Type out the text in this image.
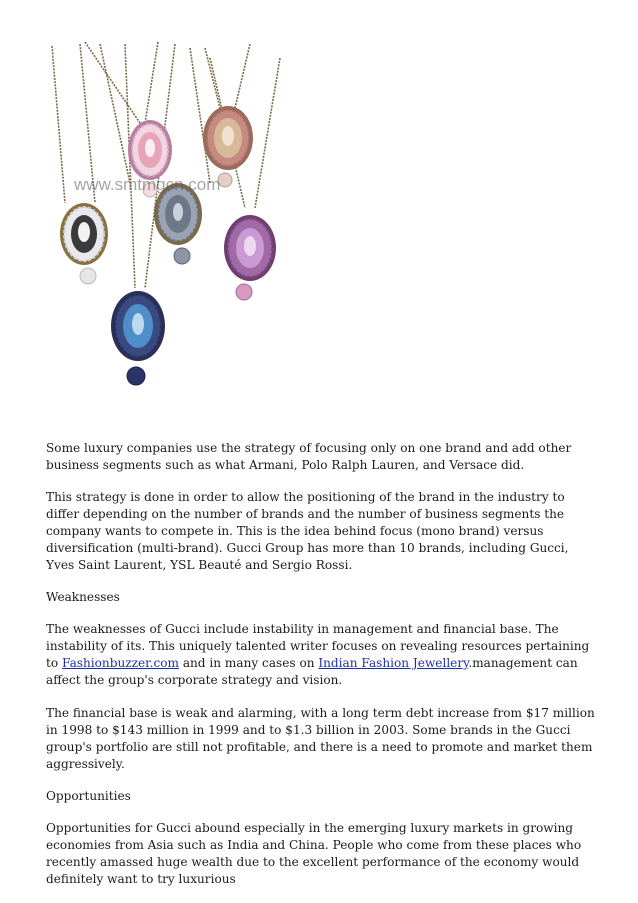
www.smtmgcn.com

Some luxury companies use the strategy of focusing only on one brand and add other business segments such as what Armani, Polo Ralph Lauren, and Versace did.

This strategy is done in order to allow the positioning of the brand in the industry to differ depending on the number of brands and the number of business segments the company wants to compete in. This is the idea behind focus (mono brand) versus diversification (multi-brand). Gucci Group has more than 10 brands, including Gucci, Yves Saint Laurent, YSL Beauté and Sergio Rossi.

Weaknesses

The weaknesses of Gucci include instability in management and financial base. The instability of its. This uniquely talented writer focuses on revealing resources pertaining to Fashionbuzzer.com and in many cases on Indian Fashion Jewellery.management can affect the group's corporate strategy and vision.

The financial base is weak and alarming, with a long term debt increase from $17 million in 1998 to $143 million in 1999 and to $1.3 billion in 2003. Some brands in the Gucci group's portfolio are still not profitable, and there is a need to promote and market them aggressively.

Opportunities

Opportunities for Gucci abound especially in the emerging luxury markets in growing economies from Asia such as India and China. People who come from these places who recently amassed huge wealth due to the excellent performance of the economy would definitely want to try luxurious
